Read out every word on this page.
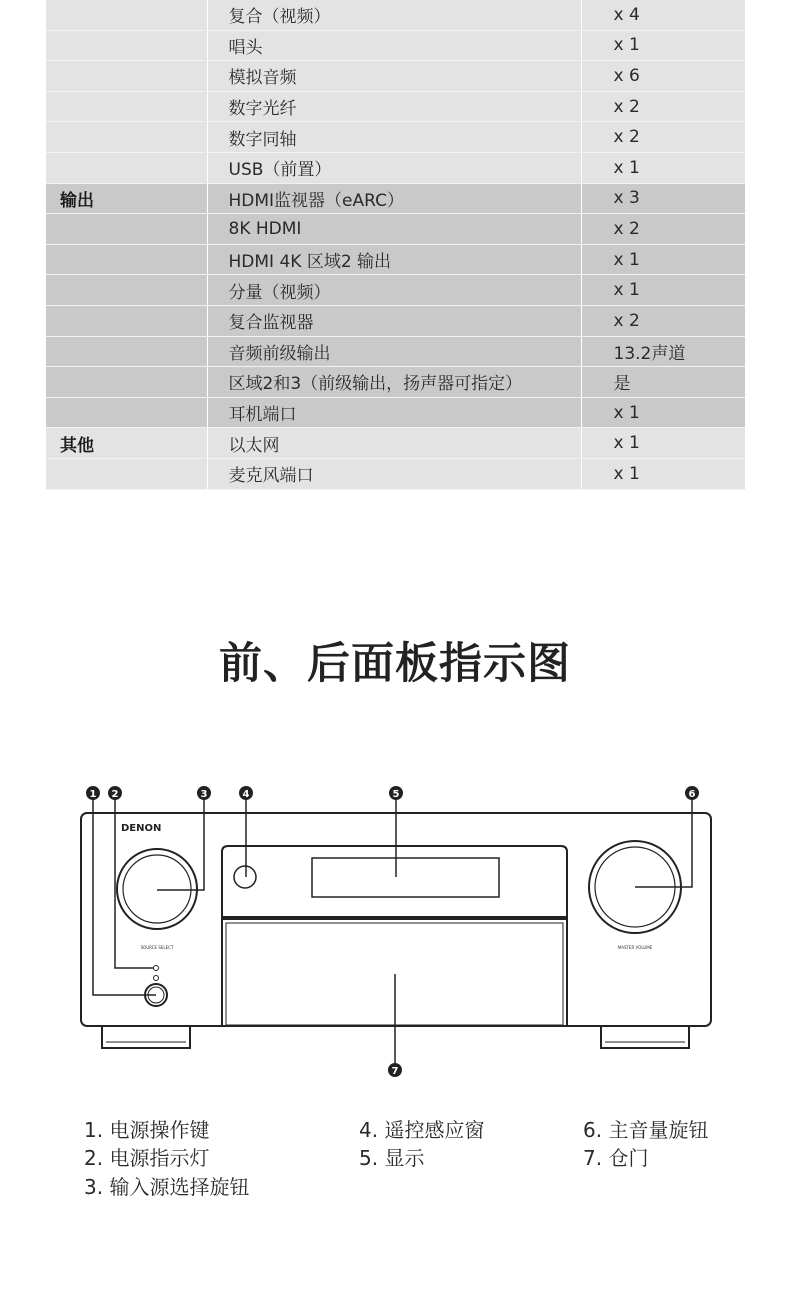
	复合（视频）	x 4
	唱头	x 1
	模拟音频	x 6
	数字光纤	x 2
	数字同轴	x 2
	USB（前置）	x 1
输出	HDMI监视器（eARC）	x 3
	8K HDMI	x 2
	HDMI 4K 区域2 输出	x 1
	分量（视频）	x 1
	复合监视器	x 2
	音频前级输出	13.2声道
	区域2和3（前级输出，扬声器可指定）	是
	耳机端口	x 1
其他	以太网	x 1
	麦克风端口	x 1
前、后面板指示图
DENON
SOURCE SELECT	MASTER VOLUME
1 2	3	4	5	6
7
1. 电源操作键
2. 电源指示灯
3. 输入源选择旋钮
4. 遥控感应窗
5. 显示
6. 主音量旋钮
7. 仓门
